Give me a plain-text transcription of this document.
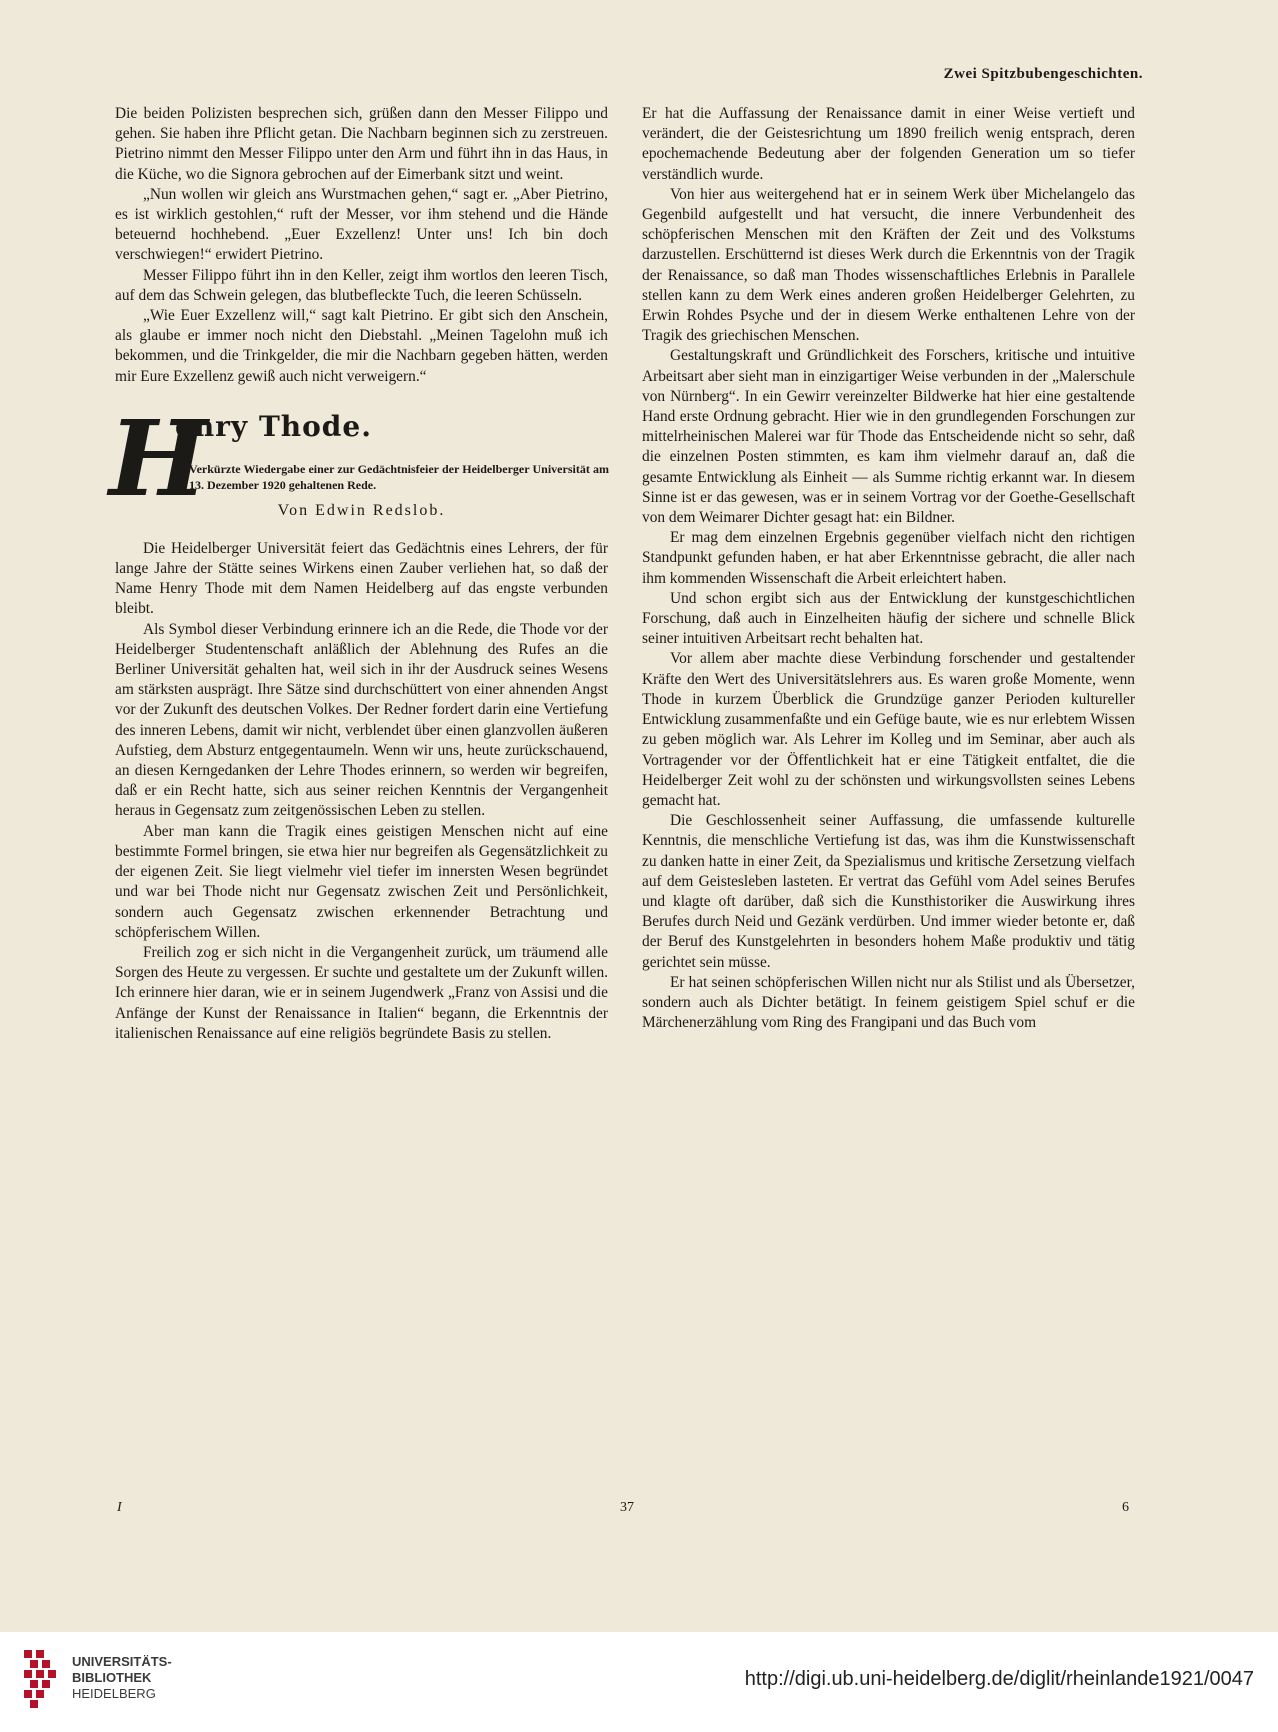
Zwei Spitzbubengeschichten.

Die beiden Polizisten besprechen sich, grüßen dann den Messer Filippo und gehen. Sie haben ihre Pflicht getan. Die Nachbarn beginnen sich zu zerstreuen. Pietrino nimmt den Messer Filippo unter den Arm und führt ihn in das Haus, in die Küche, wo die Signora gebrochen auf der Eimerbank sitzt und weint.

„Nun wollen wir gleich ans Wurstmachen gehen,“ sagt er. „Aber Pietrino, es ist wirklich gestohlen,“ ruft der Messer, vor ihm stehend und die Hände beteuernd hochhebend. „Euer Exzellenz! Unter uns! Ich bin doch verschwiegen!“ erwidert Pietrino.

Messer Filippo führt ihn in den Keller, zeigt ihm wortlos den leeren Tisch, auf dem das Schwein gelegen, das blutbefleckte Tuch, die leeren Schüsseln.

„Wie Euer Exzellenz will,“ sagt kalt Pietrino. Er gibt sich den Anschein, als glaube er immer noch nicht den Diebstahl. „Meinen Tagelohn muß ich bekommen, und die Trinkgelder, die mir die Nachbarn gegeben hätten, werden mir Eure Exzellenz gewiß auch nicht verweigern.“

H
enry Thode.
Verkürzte Wiedergabe einer zur Gedächtnisfeier der Heidelberger Universität am 13. Dezember 1920 gehaltenen Rede.
Von Edwin Redslob.

Die Heidelberger Universität feiert das Gedächtnis eines Lehrers, der für lange Jahre der Stätte seines Wirkens einen Zauber verliehen hat, so daß der Name Henry Thode mit dem Namen Heidelberg auf das engste verbunden bleibt.

Als Symbol dieser Verbindung erinnere ich an die Rede, die Thode vor der Heidelberger Studentenschaft anläßlich der Ablehnung des Rufes an die Berliner Universität gehalten hat, weil sich in ihr der Ausdruck seines Wesens am stärksten ausprägt. Ihre Sätze sind durchschüttert von einer ahnenden Angst vor der Zukunft des deutschen Volkes. Der Redner fordert darin eine Vertiefung des inneren Lebens, damit wir nicht, verblendet über einen glanzvollen äußeren Aufstieg, dem Absturz entgegentaumeln. Wenn wir uns, heute zurückschauend, an diesen Kerngedanken der Lehre Thodes erinnern, so werden wir begreifen, daß er ein Recht hatte, sich aus seiner reichen Kenntnis der Vergangenheit heraus in Gegensatz zum zeitgenössischen Leben zu stellen.

Aber man kann die Tragik eines geistigen Menschen nicht auf eine bestimmte Formel bringen, sie etwa hier nur begreifen als Gegensätzlichkeit zu der eigenen Zeit. Sie liegt vielmehr viel tiefer im innersten Wesen begründet und war bei Thode nicht nur Gegensatz zwischen Zeit und Persönlichkeit, sondern auch Gegensatz zwischen erkennender Betrachtung und schöpferischem Willen.

Freilich zog er sich nicht in die Vergangenheit zurück, um träumend alle Sorgen des Heute zu vergessen. Er suchte und gestaltete um der Zukunft willen. Ich erinnere hier daran, wie er in seinem Jugendwerk „Franz von Assisi und die Anfänge der Kunst der Renaissance in Italien“ begann, die Erkenntnis der italienischen Renaissance auf eine religiös begründete Basis zu stellen.

Er hat die Auffassung der Renaissance damit in einer Weise vertieft und verändert, die der Geistesrichtung um 1890 freilich wenig entsprach, deren epochemachende Bedeutung aber der folgenden Generation um so tiefer verständlich wurde.

Von hier aus weitergehend hat er in seinem Werk über Michelangelo das Gegenbild aufgestellt und hat versucht, die innere Verbundenheit des schöpferischen Menschen mit den Kräften der Zeit und des Volkstums darzustellen. Erschütternd ist dieses Werk durch die Erkenntnis von der Tragik der Renaissance, so daß man Thodes wissenschaftliches Erlebnis in Parallele stellen kann zu dem Werk eines anderen großen Heidelberger Gelehrten, zu Erwin Rohdes Psyche und der in diesem Werke enthaltenen Lehre von der Tragik des griechischen Menschen.

Gestaltungskraft und Gründlichkeit des Forschers, kritische und intuitive Arbeitsart aber sieht man in einzigartiger Weise verbunden in der „Malerschule von Nürnberg“. In ein Gewirr vereinzelter Bildwerke hat hier eine gestaltende Hand erste Ordnung gebracht. Hier wie in den grundlegenden Forschungen zur mittelrheinischen Malerei war für Thode das Entscheidende nicht so sehr, daß die einzelnen Posten stimmten, es kam ihm vielmehr darauf an, daß die gesamte Entwicklung als Einheit — als Summe richtig erkannt war. In diesem Sinne ist er das gewesen, was er in seinem Vortrag vor der Goethe-Gesellschaft von dem Weimarer Dichter gesagt hat: ein Bildner.

Er mag dem einzelnen Ergebnis gegenüber vielfach nicht den richtigen Standpunkt gefunden haben, er hat aber Erkenntnisse gebracht, die aller nach ihm kommenden Wissenschaft die Arbeit erleichtert haben.

Und schon ergibt sich aus der Entwicklung der kunstgeschichtlichen Forschung, daß auch in Einzelheiten häufig der sichere und schnelle Blick seiner intuitiven Arbeitsart recht behalten hat.

Vor allem aber machte diese Verbindung forschender und gestaltender Kräfte den Wert des Universitätslehrers aus. Es waren große Momente, wenn Thode in kurzem Überblick die Grundzüge ganzer Perioden kultureller Entwicklung zusammenfaßte und ein Gefüge baute, wie es nur erlebtem Wissen zu geben möglich war. Als Lehrer im Kolleg und im Seminar, aber auch als Vortragender vor der Öffentlichkeit hat er eine Tätigkeit entfaltet, die die Heidelberger Zeit wohl zu der schönsten und wirkungsvollsten seines Lebens gemacht hat.

Die Geschlossenheit seiner Auffassung, die umfassende kulturelle Kenntnis, die menschliche Vertiefung ist das, was ihm die Kunstwissenschaft zu danken hatte in einer Zeit, da Spezialismus und kritische Zersetzung vielfach auf dem Geistesleben lasteten. Er vertrat das Gefühl vom Adel seines Berufes und klagte oft darüber, daß sich die Kunsthistoriker die Auswirkung ihres Berufes durch Neid und Gezänk verdürben. Und immer wieder betonte er, daß der Beruf des Kunstgelehrten in besonders hohem Maße produktiv und tätig gerichtet sein müsse.

Er hat seinen schöpferischen Willen nicht nur als Stilist und als Übersetzer, sondern auch als Dichter betätigt. In feinem geistigem Spiel schuf er die Märchenerzählung vom Ring des Frangipani und das Buch vom

I	37	6
UNIVERSITÄTS-
BIBLIOTHEK
HEIDELBERG
http://digi.ub.uni-heidelberg.de/diglit/rheinlande1921/0047
